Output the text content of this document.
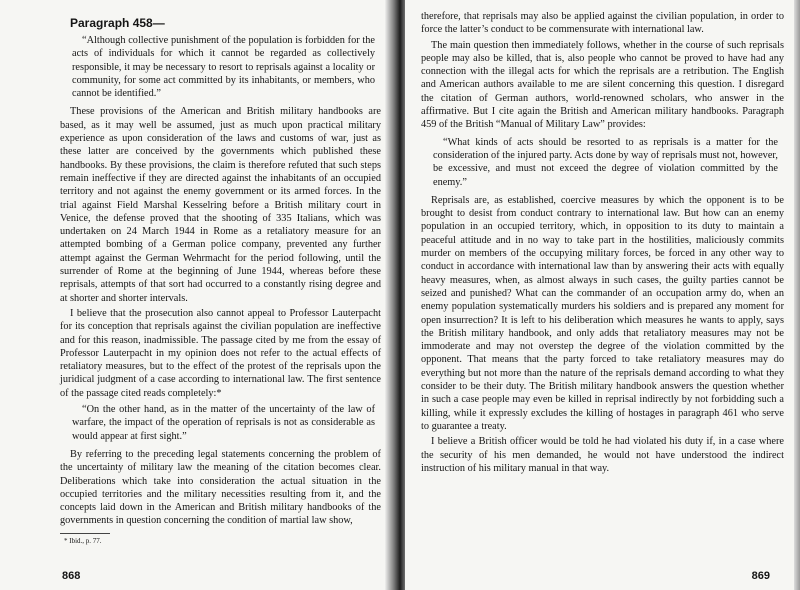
Paragraph 458—

“Although collective punishment of the population is forbidden for the acts of individuals for which it cannot be regarded as collectively responsible, it may be necessary to resort to reprisals against a locality or community, for some act committed by its inhabitants, or members, who cannot be identified.”

These provisions of the American and British military handbooks are based, as it may well be assumed, just as much upon practical military experience as upon consideration of the laws and customs of war, just as these latter are conceived by the governments which published these handbooks. By these provisions, the claim is therefore refuted that such steps remain ineffective if they are directed against the inhabitants of an occupied territory and not against the enemy government or its armed forces. In the trial against Field Marshal Kesselring before a British military court in Venice, the defense proved that the shooting of 335 Italians, which was undertaken on 24 March 1944 in Rome as a retaliatory measure for an attempted bombing of a German police company, prevented any further attempt against the German Wehrmacht for the period following, until the surrender of Rome at the beginning of June 1944, whereas before these reprisals, attempts of that sort had occurred to a constantly rising degree and at shorter and shorter intervals.

I believe that the prosecution also cannot appeal to Professor Lauterpacht for its conception that reprisals against the civilian population are ineffective and for this reason, inadmissible. The passage cited by me from the essay of Professor Lauterpacht in my opinion does not refer to the actual effects of retaliatory measures, but to the effect of the protest of the reprisals upon the juridical judgment of a case according to international law. The first sentence of the passage cited reads completely:*

“On the other hand, as in the matter of the uncertainty of the law of warfare, the impact of the operation of reprisals is not as considerable as would appear at first sight.”

By referring to the preceding legal statements concerning the problem of the uncertainty of military law the meaning of the citation becomes clear. Deliberations which take into consideration the actual situation in the occupied territories and the military necessities resulting from it, and the concepts laid down in the American and British military handbooks of the governments in question concerning the condition of martial law show,

* Ibid., p. 77.

868

therefore, that reprisals may also be applied against the civilian population, in order to force the latter’s conduct to be commensurate with international law.

The main question then immediately follows, whether in the course of such reprisals people may also be killed, that is, also people who cannot be proved to have had any connection with the illegal acts for which the reprisals are a retribution. The English and American authors available to me are silent concerning this question. I disregard the citation of German authors, world-renowned scholars, who answer in the affirmative. But I cite again the British and American military handbooks. Paragraph 459 of the British “Manual of Military Law” provides:

“What kinds of acts should be resorted to as reprisals is a matter for the consideration of the injured party. Acts done by way of reprisals must not, however, be excessive, and must not exceed the degree of violation committed by the enemy.”

Reprisals are, as established, coercive measures by which the opponent is to be brought to desist from conduct contrary to international law. But how can an enemy population in an occupied territory, which, in opposition to its duty to maintain a peaceful attitude and in no way to take part in the hostilities, maliciously commits murder on members of the occupying military forces, be forced in any other way to conduct in accordance with international law than by answering their acts with equally heavy measures, when, as almost always in such cases, the guilty parties cannot be seized and punished? What can the commander of an occupation army do, when an enemy population systematically murders his soldiers and is prepared any moment for open insurrection? It is left to his deliberation which measures he wants to apply, says the British military handbook, and only adds that retaliatory measures may not be immoderate and may not overstep the degree of the violation committed by the opponent. That means that the party forced to take retaliatory measures may do everything but not more than the nature of the reprisals demand according to what they consider to be their duty. The British military handbook answers the question whether in such a case people may even be killed in reprisal indirectly by not forbidding such a killing, while it expressly excludes the killing of hostages in paragraph 461 who serve to guarantee a treaty.

I believe a British officer would be told he had violated his duty if, in a case where the security of his men demanded, he would not have understood the indirect instruction of his military manual in that way.

869
